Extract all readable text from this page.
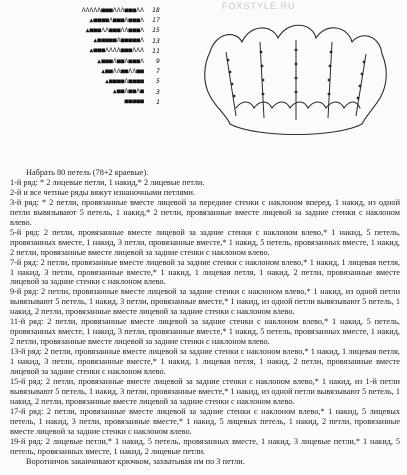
ΛΛΛΛΛ■■■ΛΛΛ■■■ΛΛ	18
▲■■■■Λ■■■Λ■■■Λ	17
▲■■■ΛΛ■■■ΛΛ■■■Λ	15
▲■■■■■Λ■■■■■Λ	13
▲■■■ΛΛΛΛ■■■ΛΛΛ	11
▲■■■Λ■■Λ■■■Λ	9
▲■■ΛΛ■■ΛΛ■■	7
▲■■■■Λ■■■■	5
▲■■Λ■■Λ■	3
■■■■■	1
FOXSTYLE.RU

Набрать 80 петель (78+2 краевые).

1-й ряд: * 2 лицевые петли, 1 накид,* 2 лицевые петли.

2-й и все четные ряды вяжут изнаночными петлями.

3-й ряд: * 2 петли, провязанные вместе лицевой за передние стенки с наклоном вперед, 1 накид, из одной петли вывязывают 5 петель, 1 накид,* 2 петли, провязанные вместе лицевой за задние стенки с наклоном влево.

5-й ряд: 2 петли, провязанные вместе лицевой за задние стенки с наклоном влево,* 1 накид, 5 петель, провязанных вместе, 1 накид, 3 петли, провязанные вместе,* 1 накид, 5 петель, провязанных вместе, 1 накид, 2 петли, провязанные вместе лицевой за задние стенки с наклоном влево.

7-й ряд: 2 петли, провязанные вместе лицевой за задние стенки с наклоном влево,* 1 накид, 1 лицевая петля, 1 накид, 3 петли, провязанные вместе,* 1 накид, 1 лицевая петля, 1 накид, 2 петли, провязанные вместе лицевой за задние стенки с наклоном влево.

9-й ряд: 2 петли, провязанные вместе лицевой за задние стенки с наклоном влево,* 1 накид, из одной петли вывязывают 5 петель, 1 накид, 3 петли, провязанные вместе,* 1 накид, из одной петли вывязывают 5 петель, 1 накид, 2 петли, провязанные вместе лицевой за задние стенки с наклоном влево.

11-й ряд: 2 петли, провязанные вместе лицевой за задние стенки с наклоном влево,* 1 накид, 5 петель, провязанных вместе, 1 накид, 3 петли, провязанные вместе,* 1 накид, 5 петель, провязанных вместе, 1 накид, 2 петли, провязанные вместе лицевой за задние стенки с наклоном влево.

13-й ряд: 2 петли, провязанные вместе лицевой за задние стенки с наклоном влево,* 1 накид, 1 лицевая петля, 1 накид, 3 петли, провязанные вместе,* 1 накид, 1 лицевая петля, 1 накид, 2 петли, провязанные вместе лицевой за задние стенки с наклоном влево.

15-й ряд: 2 петли, провязанные вместе лицевой за задние стенки с наклоном влево,* 1 накид, из 1-й петли вывязывают 5 петель, 1 накид, 3 петли, провязанные вместе,* 1 накид, из одной петли вывязывают 5 петель, 1 накид, 2 петли, провязанные вместе лицевой за задние стенки с наклоном влево.

17-й ряд: 2 петли, провязанные вместе лицевой за задние стенки с наклоном влево,* 1 накид, 5 лицевых петель, 1 накид, 3 петли, провязанные вместе,* 1 накид, 5 лицевых петель, 1 накид, 2 петли, провязанные вместе лицевой за задние стенки с наклоном влево.

19-й ряд: 2 лицевые петли,* 1 накид, 5 петель, провязанных вместе, 1 накид, 3 лицевые петли,* 1 накид, 5 петель, провязанных вместе, 1 накид, 2 лицевые петли.

Воротничок заканчивают крючком, захватывая им по 3 петли.
